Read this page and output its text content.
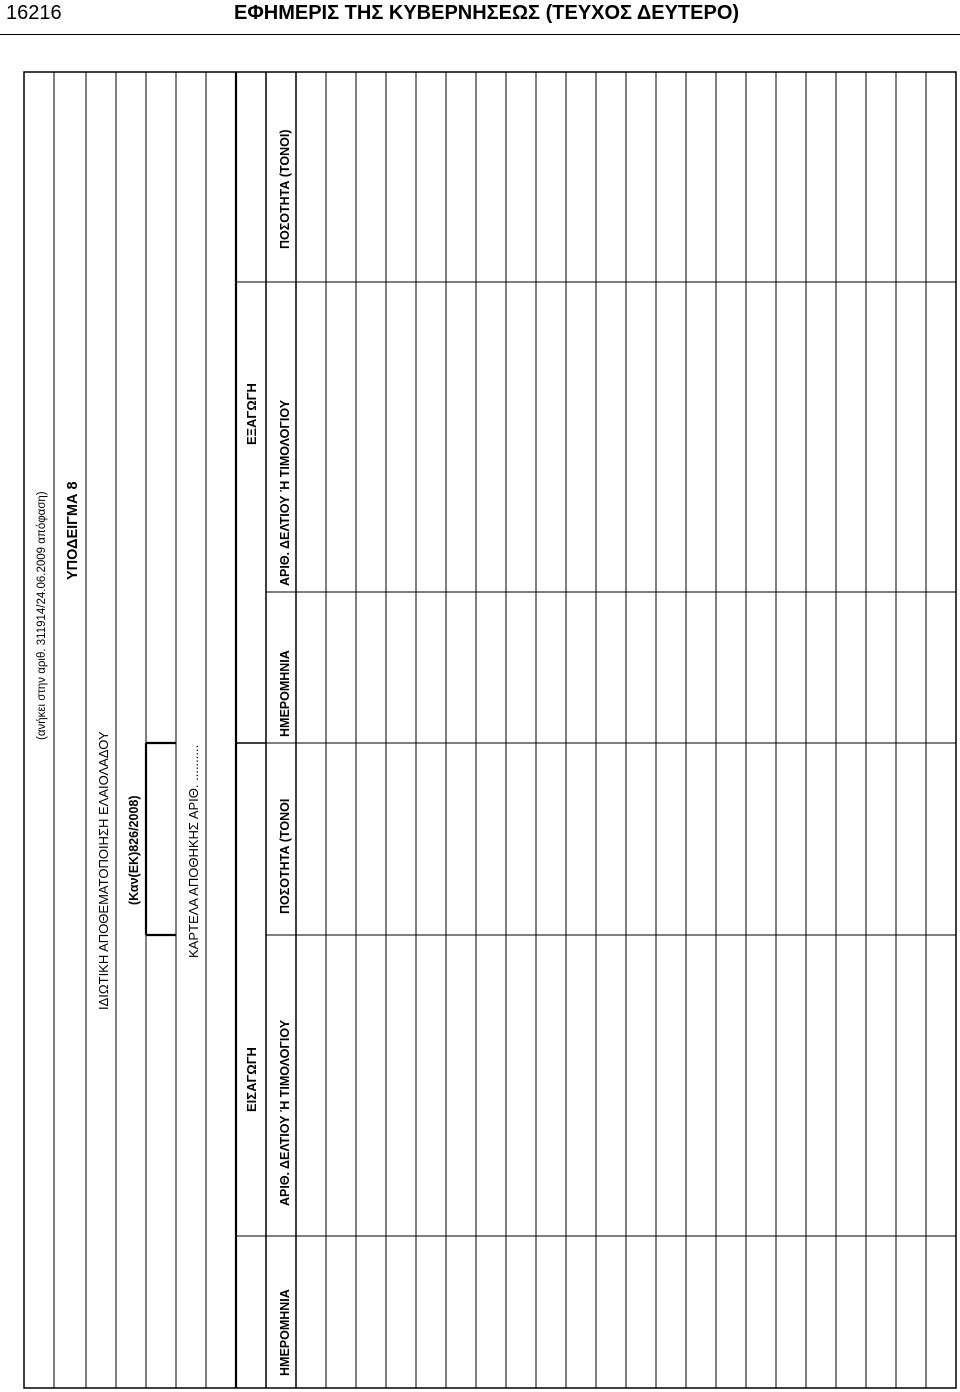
16216	ΕΦΗΜΕΡΙΣ ΤΗΣ ΚΥΒΕΡΝΗΣΕΩΣ (ΤΕΥΧΟΣ ΔΕΥΤΕΡΟ)
(ανήκει στην αριθ. 311914/24.06.2009 απόφαση) ΥΠΟΔΕΙΓΜΑ 8
ΙΔΙΩΤΙΚΗ ΑΠΟΘΕΜΑΤΟΠΟΙΗΣΗ ΕΛΑΙΟΛΑΔΟΥ (Καν(ΕΚ)826/2008)	ΚΑΡΤΕΛΑ ΑΠΟΘΗΚΗΣ ΑΡΙΘ. ..........
ΕΙΣΑΓΩΓΗ
ΕΞΑΓΩΓΗ
ΗΜΕΡΟΜΗΝΙΑ
ΑΡΙΘ. ΔΕΛΤΙΟΥ Ή ΤΙΜΟΛΟΓΙΟΥ
ΠΟΣΟΤΗΤΑ (ΤΟΝΟΙ
ΗΜΕΡΟΜΗΝΙΑ
ΑΡΙΘ. ΔΕΛΤΙΟΥ Ή ΤΙΜΟΛΟΓΙΟΥ
ΠΟΣΟΤΗΤΑ (ΤΟΝΟΙ)
